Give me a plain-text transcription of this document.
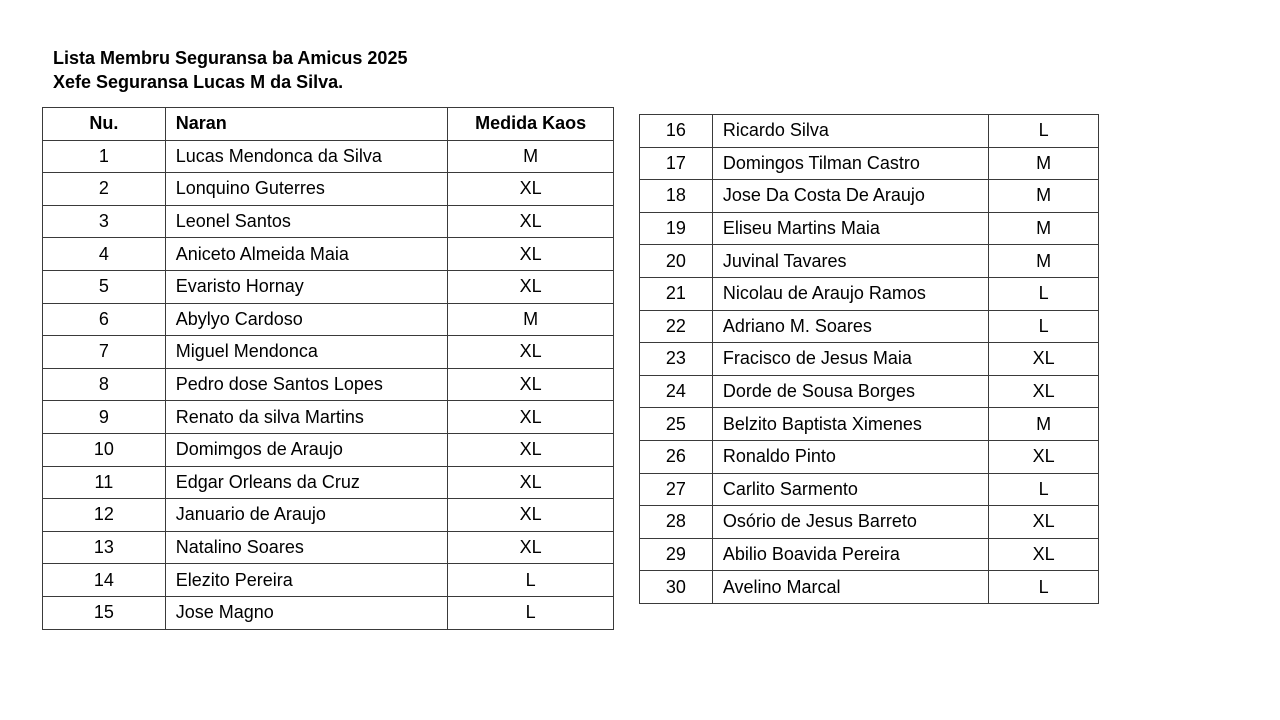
Lista Membru Seguransa ba Amicus 2025
Xefe Seguransa Lucas M da Silva.
Nu.	Naran	Medida Kaos
1	Lucas Mendonca da Silva	M
2	Lonquino Guterres	XL
3	Leonel Santos	XL
4	Aniceto Almeida Maia	XL
5	Evaristo Hornay	XL
6	Abylyo Cardoso	M
7	Miguel Mendonca	XL
8	Pedro dose Santos Lopes	XL
9	Renato da silva Martins	XL
10	Domimgos de Araujo	XL
11	Edgar Orleans da Cruz	XL
12	Januario de Araujo	XL
13	Natalino Soares	XL
14	Elezito Pereira	L
15	Jose Magno	L
16	Ricardo Silva	L
17	Domingos Tilman Castro	M
18	Jose Da Costa De Araujo	M
19	Eliseu Martins Maia	M
20	Juvinal Tavares	M
21	Nicolau de Araujo Ramos	L
22	Adriano M. Soares	L
23	Fracisco de Jesus Maia	XL
24	Dorde de Sousa Borges	XL
25	Belzito Baptista Ximenes	M
26	Ronaldo Pinto	XL
27	Carlito Sarmento	L
28	Osório de Jesus Barreto	XL
29	Abilio Boavida Pereira	XL
30	Avelino Marcal	L
